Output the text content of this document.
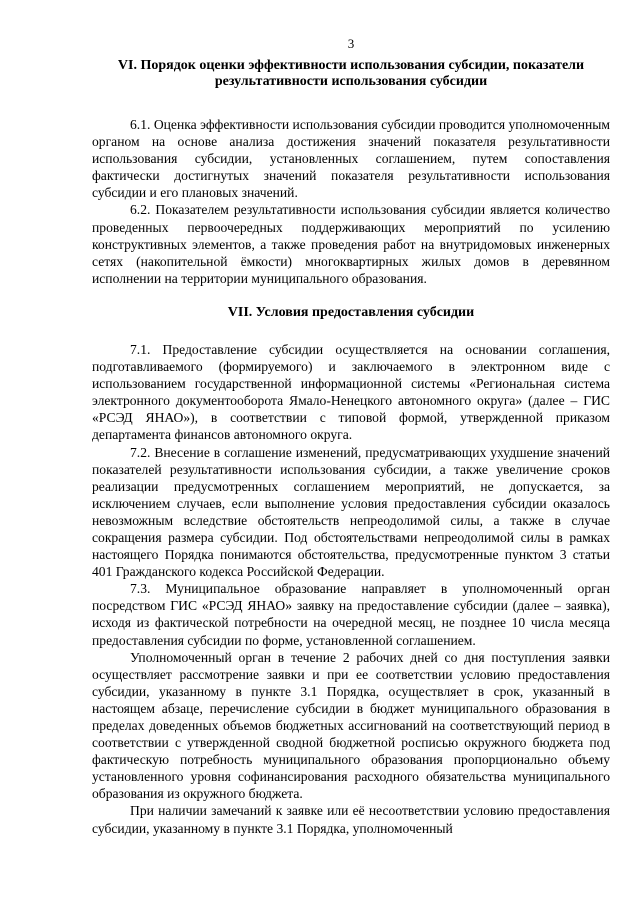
3
VI. Порядок оценки эффективности использования субсидии, показатели результативности использования субсидии

6.1. Оценка эффективности использования субсидии проводится уполномоченным органом на основе анализа достижения значений показателя результативности использования субсидии, установленных соглашением, путем сопоставления фактически достигнутых значений показателя результативности использования субсидии и его плановых значений.

6.2. Показателем результативности использования субсидии является количество проведенных первоочередных поддерживающих мероприятий по усилению конструктивных элементов, а также проведения работ на внутридомовых инженерных сетях (накопительной ёмкости) многоквартирных жилых домов в деревянном исполнении на территории муниципального образования.

VII. Условия предоставления субсидии

7.1. Предоставление субсидии осуществляется на основании соглашения, подготавливаемого (формируемого) и заключаемого в электронном виде с использованием государственной информационной системы «Региональная система электронного документооборота Ямало-Ненецкого автономного округа» (далее – ГИС «РСЭД ЯНАО»), в соответствии с типовой формой, утвержденной приказом департамента финансов автономного округа.

7.2. Внесение в соглашение изменений, предусматривающих ухудшение значений показателей результативности использования субсидии, а также увеличение сроков реализации предусмотренных соглашением мероприятий, не допускается, за исключением случаев, если выполнение условия предоставления субсидии оказалось невозможным вследствие обстоятельств непреодолимой силы, а также в случае сокращения размера субсидии. Под обстоятельствами непреодолимой силы в рамках настоящего Порядка понимаются обстоятельства, предусмотренные пунктом 3 статьи 401 Гражданского кодекса Российской Федерации.

7.3. Муниципальное образование направляет в уполномоченный орган посредством ГИС «РСЭД ЯНАО» заявку на предоставление субсидии (далее – заявка), исходя из фактической потребности на очередной месяц, не позднее 10 числа месяца предоставления субсидии по форме, установленной соглашением.

Уполномоченный орган в течение 2 рабочих дней со дня поступления заявки осуществляет рассмотрение заявки и при ее соответствии условию предоставления субсидии, указанному в пункте 3.1 Порядка, осуществляет в срок, указанный в настоящем абзаце, перечисление субсидии в бюджет муниципального образования в пределах доведенных объемов бюджетных ассигнований на соответствующий период в соответствии с утвержденной сводной бюджетной росписью окружного бюджета под фактическую потребность муниципального образования пропорционально объему установленного уровня софинансирования расходного обязательства муниципального образования из окружного бюджета.

При наличии замечаний к заявке или её несоответствии условию предоставления субсидии, указанному в пункте 3.1 Порядка, уполномоченный
